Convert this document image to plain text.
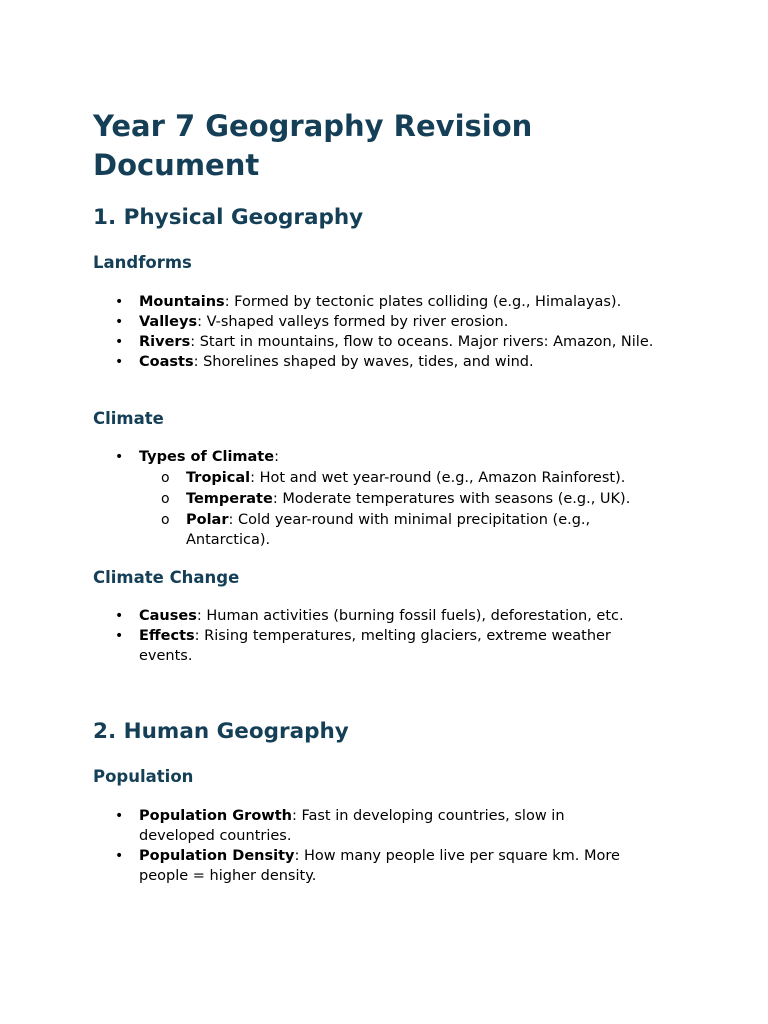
Year 7 Geography Revision Document
1. Physical Geography
Landforms
• Mountains: Formed by tectonic plates colliding (e.g., Himalayas).
• Valleys: V-shaped valleys formed by river erosion.
• Rivers: Start in mountains, flow to oceans. Major rivers: Amazon, Nile.
• Coasts: Shorelines shaped by waves, tides, and wind.
Climate
• Types of Climate:
o Tropical: Hot and wet year-round (e.g., Amazon Rainforest).
o Temperate: Moderate temperatures with seasons (e.g., UK).
o Polar: Cold year-round with minimal precipitation (e.g., Antarctica).
Climate Change
• Causes: Human activities (burning fossil fuels), deforestation, etc.
• Effects: Rising temperatures, melting glaciers, extreme weather events.
2. Human Geography
Population
• Population Growth: Fast in developing countries, slow in developed countries.
• Population Density: How many people live per square km. More people = higher density.
